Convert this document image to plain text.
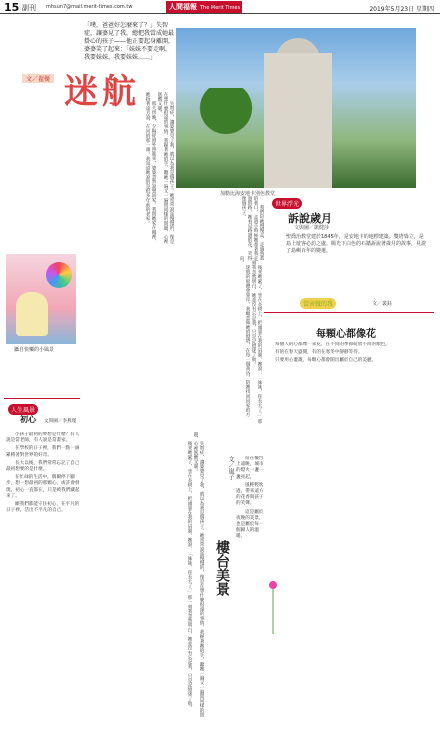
15 副刊 mhsun7@mail.merit-times.com.tw	人間福報 The Merit Times	2019年5月23日 星期四
「噗，爸爸好怎麼來了？」失智症，讓婆見了我，總把我當成她最掛心的孩子——他正要起身離開，婆婆笑了起來：「妹妹不要走啊，我要妹妹，我要妹妹……」
迷航
文／翟優
加勒比海安地卡別色教堂

失智症，讓婆婆見了我，就以為我是個孩子。她常常說話慢慢的，像是在想什麼很遠的事情。我握著她的手，聽她一遍又一遍問同樣的問題，心裡既酸又暖。

那天傍晚，夕陽從窗外照進來，婆婆忽然說想回家。我問她家在哪裡，她指著遠方說，在河的那一頭。我知道她說的是很多年前的老家。

我們陪她慢慢走，走過熟悉的巷口，走過小時候她牽著我走過的路。她看見路邊的花，笑得像個孩子。

後來她累了，坐在長椅上，把頭靠在我的肩膀。她說：「妹妹，你長大了。」那一刻我忽然明白，她並沒有忘記我，只是記憶迷了航。

迷航的船總會靠岸。我願意做她的燈塔，在每一個黃昏，陪她找回回家的方向。

攝自快樂的小風景
人生風景
初心 文與圖／李燕瑾

小孩子最初的夢想是什麼？有人說是當老師，有人說是當畫家。

在學校的日子裡，我們一點一滴累積著對世界的好奇。

長大以後，我們常常忘記了自己最初想要的是什麼。

在忙碌的生活中，偶爾停下腳步，想一想最初的那顆心，或許會發現，初心一直都在，只是被我們藏起來了。

願我們都能守住初心，在平凡的日子裡，活出不平凡的自己。

世界浮光
訴說歲月
文與圖／凱健莎
聖喬治教堂建於1845年，是安地卡的地標建築。雙塔聳立，是島上遊客必訪之處。陽光下白色的石牆訴說著歲月的故事，見證了島嶼百年的變遷。
當害做的我	文／裴鈺
每顆心都像花

每個人的心都像一朵花，在不同的季節綻放不同的顏色。

有的在春天盛開，有的在寒冬中靜靜等待。

只要用心灌溉，每顆心都會開出屬於自己的美麗。

失智症，讓婆婆見了我，就以為我是個孩子。她常常說話慢慢的，像是在想什麼很遠的事情。我握著她的手，聽她一遍又一遍問同樣的問題，心裡既酸又暖。

後來她累了，坐在長椅上，把頭靠在我的肩膀。她說：「妹妹，你長大了。」那一刻我忽然明白，她並沒有忘記我，只是記憶迷了航。	文／嵐子
樓台美景

站在樓台上遠眺，城市的燈火一盞一盞亮起。

風輕輕吹過，帶來遠方的花香與孩子的笑聲。

這是屬於夜晚的美景，也是屬於每一個歸人的溫暖。
